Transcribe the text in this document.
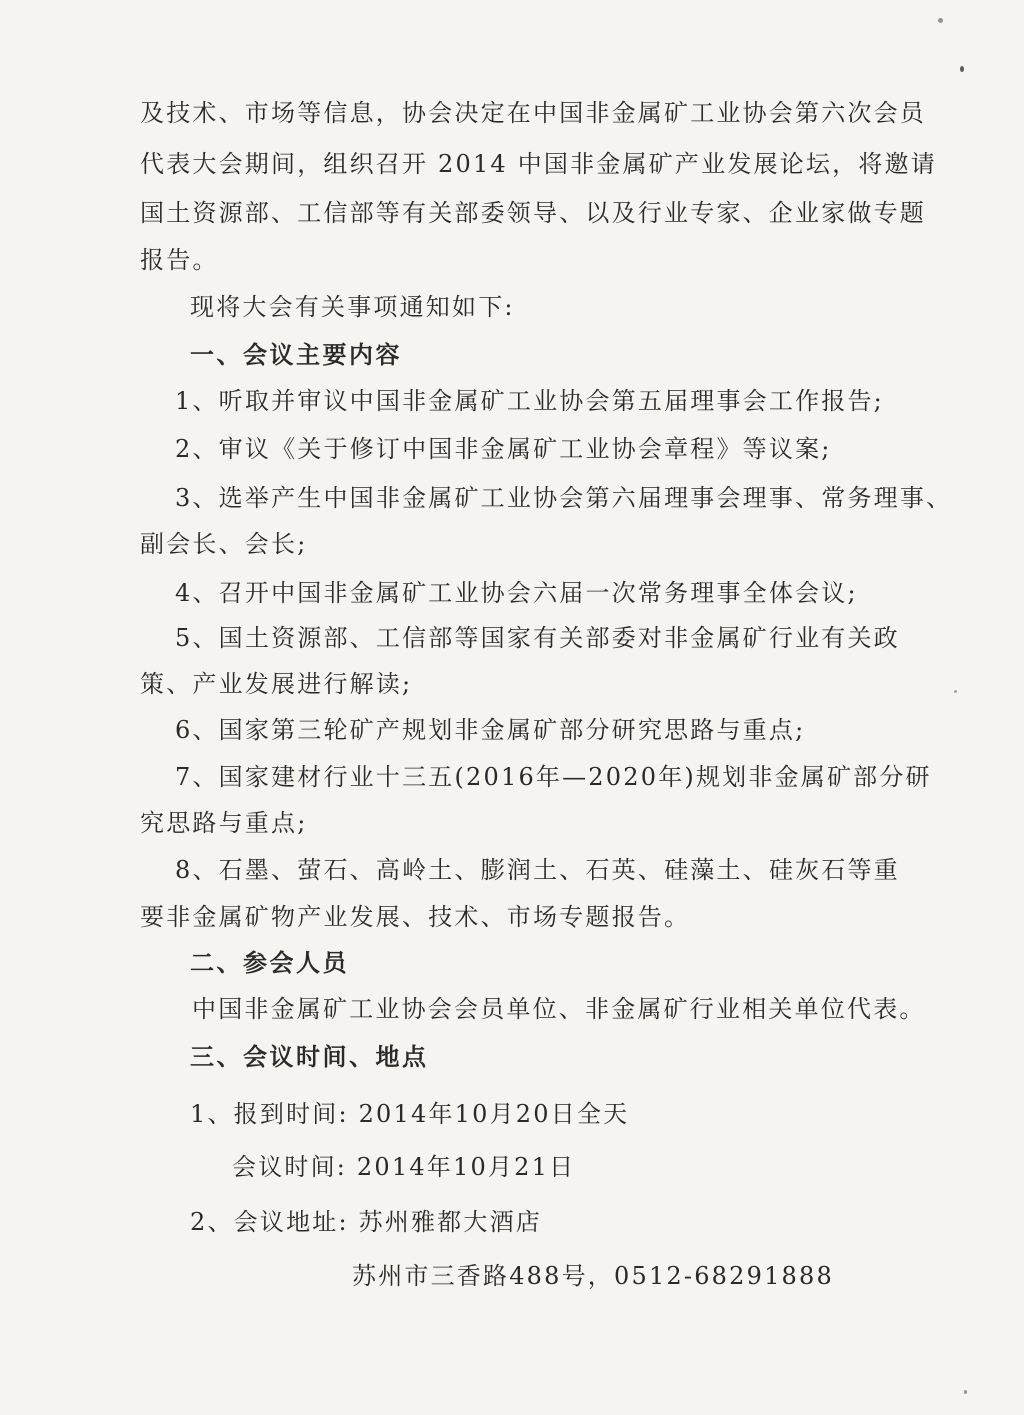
及技术、市场等信息，协会决定在中国非金属矿工业协会第六次会员
代表大会期间，组织召开 2014 中国非金属矿产业发展论坛，将邀请
国土资源部、工信部等有关部委领导、以及行业专家、企业家做专题
报告。
现将大会有关事项通知如下:
一、会议主要内容
1、听取并审议中国非金属矿工业协会第五届理事会工作报告;
2、审议《关于修订中国非金属矿工业协会章程》等议案;
3、选举产生中国非金属矿工业协会第六届理事会理事、常务理事、
副会长、会长;
4、召开中国非金属矿工业协会六届一次常务理事全体会议;
5、国土资源部、工信部等国家有关部委对非金属矿行业有关政
策、产业发展进行解读;
6、国家第三轮矿产规划非金属矿部分研究思路与重点;
7、国家建材行业十三五(2016年—2020年)规划非金属矿部分研
究思路与重点;
8、石墨、萤石、高岭土、膨润土、石英、硅藻土、硅灰石等重
要非金属矿物产业发展、技术、市场专题报告。
二、参会人员
中国非金属矿工业协会会员单位、非金属矿行业相关单位代表。
三、会议时间、地点
1、报到时间: 2014年10月20日全天
会议时间: 2014年10月21日
2、会议地址: 苏州雅都大酒店
苏州市三香路488号，0512-68291888
